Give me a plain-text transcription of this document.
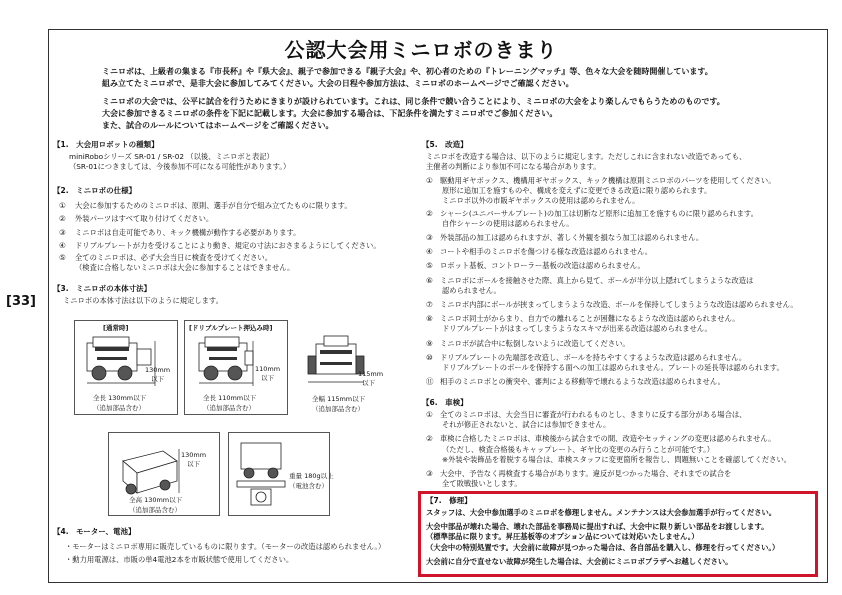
[33]
公認大会用ミニロボのきまり

ミニロボは、上級者の集まる『市長杯』や『県大会』、親子で参加できる『親子大会』や、初心者のための『トレーニングマッチ』等、色々な大会を随時開催しています。

組み立てたミニロボで、是非大会に参加してみてください。大会の日程や参加方法は、ミニロボのホームページでご確認ください。

ミニロボの大会では、公平に試合を行うためにきまりが設けられています。これは、同じ条件で競い合うことにより、ミニロボの大会をより楽しんでもらうためのものです。

大会に参加できるミニロボの条件を下記に記載します。大会に参加する場合は、下記条件を満たすミニロボでご参加ください。

また、試合のルールについてはホームページをご確認ください。

【1.　大会用ロボットの種類】
miniRoboシリーズ SR-01 / SR-02 （以後、ミニロボと表記）
（SR-01につきましては、今後参加不可になる可能性があります。）
【2.　ミニロボの仕様】
① 大会に参加するためのミニロボは、原則、選手が自分で組み立てたものに限ります。
② 外装パーツはすべて取り付けてください。
③ ミニロボは自走可能であり、キック機構が動作する必要があります。
④ ドリブルプレートが力を受けることにより動き、規定の寸法におさまるようにしてください。
⑤ 全てのミニロボは、必ず大会当日に検査を受けてください。
（検査に合格しないミニロボは大会に参加することはできません。
【3.　ミニロボの本体寸法】
ミニロボの本体寸法は以下のように規定します。
[通常時]
130mm
以下
全長 130mm以下
（追加部品含む）
[ドリブルプレート押込み時]
110mm
以下
全長 110mm以下
（追加部品含む）
115mm
以下
全幅 115mm以下
（追加部品含む）
130mm
以下
全高 130mm以下
（追加部品含む）
重量 180g以上
（電池含む）
【4.　モーター、電池】
・モーターはミニロボ専用に販売しているものに限ります。（モーターの改造は認められません。）
・動力用電源は、市販の単4電池2本を市販状態で使用してください。
【5.　改造】
ミニロボを改造する場合は、以下のように規定します。ただしこれに含まれない改造であっても、
主催者の判断により参加不可になる場合があります。
① 駆動用ギヤボックス、機構用ギヤボックス、キック機構は原則ミニロボのパーツを使用してください。
原形に追加工を施すものや、構成を変えずに変更できる改造に限り認められます。
ミニロボ以外の市販ギヤボックスの使用は認められません。
② シャーシ(ユニバーサルプレート)の加工は切断など原形に追加工を施すものに限り認められます。
自作シャーシの使用は認められません。
③ 外装部品の加工は認められますが、著しく外観を損なう加工は認められません。
④ コートや相手のミニロボを傷つける様な改造は認められません。
⑤ ロボット基板、コントローラー基板の改造は認められません。
⑥ ミニロボにボールを接触させた際、真上から見て、ボールが半分以上隠れてしまうような改造は
認められません。
⑦ ミニロボ内部にボールが挟まってしまうような改造、ボールを保持してしまうような改造は認められません。
⑧ ミニロボ同士がからまり、自力での離れることが困難になるような改造は認められません。
ドリブルプレートがはまってしまうようなスキマが出来る改造は認められません。
⑨ ミニロボが試合中に転倒しないように改造してください。
⑩ ドリブルプレートの先端部を改造し、ボールを持ちやすくするような改造は認められません。
ドリブルプレートのボールを保持する面への加工は認められません。プレートの延長等は認められます。
⑪ 相手のミニロボとの衝突や、審判による移動等で壊れるような改造は認められません。
【6.　車検】
① 全てのミニロボは、大会当日に審査が行われるものとし、きまりに反する部分がある場合は、
それが修正されないと、試合には参加できません。
② 車検に合格したミニロボは、車検後から試合までの間、改造やセッティングの変更は認められません。
（ただし、検査合格後もキャップレート、ギヤ比の変更のみ行うことが可能です。）
※外装や装飾品を着脱する場合は、車検スタッフに変更箇所を報告し、問題無いことを確認してください。
③ 大会中、予告なく再検査する場合があります。違反が見つかった場合、それまでの試合を
全て敗戦扱いとします。
【7.　修理】
スタッフは、大会中参加選手のミニロボを修理しません。メンテナンスは大会参加選手が行ってください。
大会中部品が壊れた場合、壊れた部品を事務局に提出すれば、大会中に限り新しい部品をお渡しします。
（標準部品に限ります。昇圧基板等のオプション品については対応いたしません。）
（大会中の特別処置です。大会前に故障が見つかった場合は、各自部品を購入し、修理を行ってください。）
大会前に自分で直せない故障が発生した場合は、大会前にミニロボプラザへお越しください。
